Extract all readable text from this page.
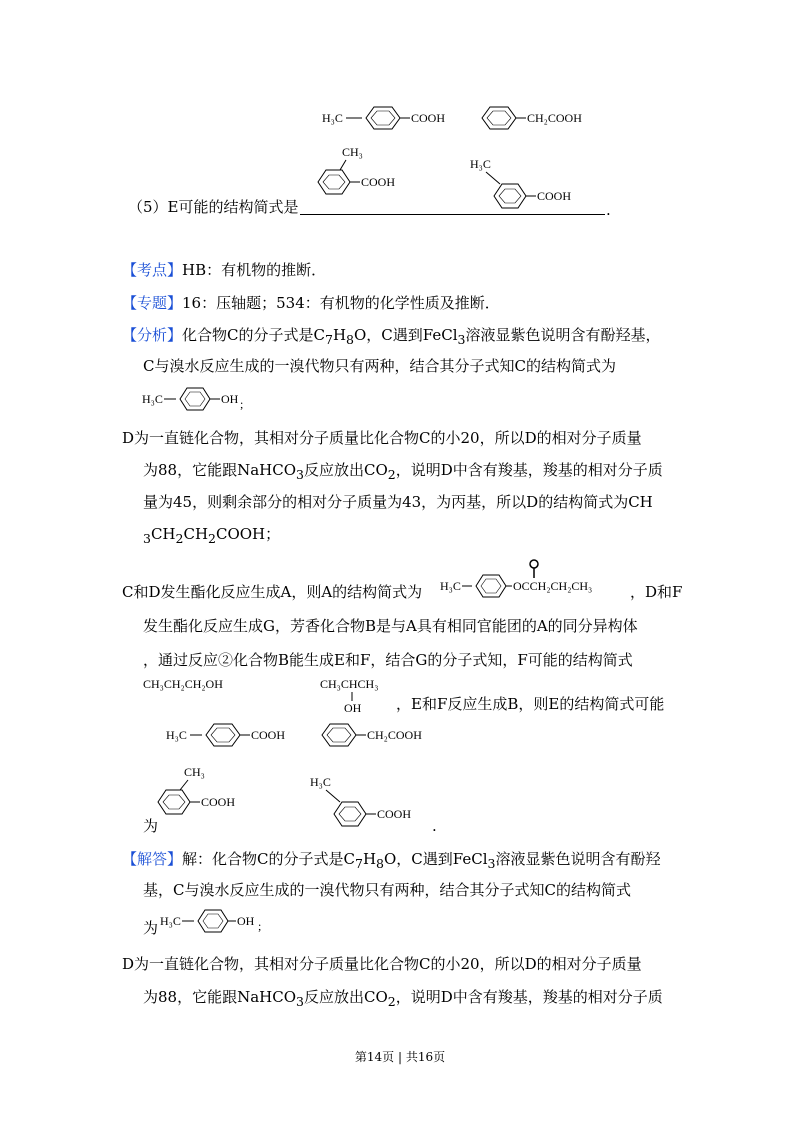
H₃C	COOH	CH₂COOH
CH₃
COOH
（5）E可能的结构简式是
H₃C
COOH
.
【考点】HB：有机物的推断．
【专题】16：压轴题；534：有机物的化学性质及推断．
【分析】化合物C的分子式是$C_7H_8O$，C遇到FeCl$_3$溶液显紫色说明含有酚羟基，
C与溴水反应生成的一溴代物只有两种，结合其分子式知C的结构简式为
H₃C	OH ;
D为一直链化合物，其相对分子质量比化合物C的小20，所以D的相对分子质量
为88，它能跟NaHCO$_3$反应放出$CO_2$，说明D中含有羧基，羧基的相对分子质
量为45，则剩余部分的相对分子质量为43，为丙基，所以D的结构简式为CH
$_3CH_2CH_2COOH$；
C和D发生酯化反应生成A，则A的结构简式为 H₃C	OCCH₂CH₂CH₃	，D和F
发生酯化反应生成G，芳香化合物B是与A具有相同官能团的A的同分异构体
，通过反应②化合物B能生成E和F，结合G的分子式知，F可能的结构简式
CH₃CH₂CH₂OH	CH₃CHCH₃
OH ，E和F反应生成B，则E的结构简式可能
H₃C	COOH	CH₂COOH
为
CH₃
COOH
H₃C
COOH
.
【解答】解：化合物C的分子式是$C_7H_8O$，C遇到FeCl$_3$溶液显紫色说明含有酚羟
基，C与溴水反应生成的一溴代物只有两种，结合其分子式知C的结构简式
为 H₃C	OH ;
D为一直链化合物，其相对分子质量比化合物C的小20，所以D的相对分子质量
为88，它能跟NaHCO$_3$反应放出$CO_2$，说明D中含有羧基，羧基的相对分子质
第14页 | 共16页
